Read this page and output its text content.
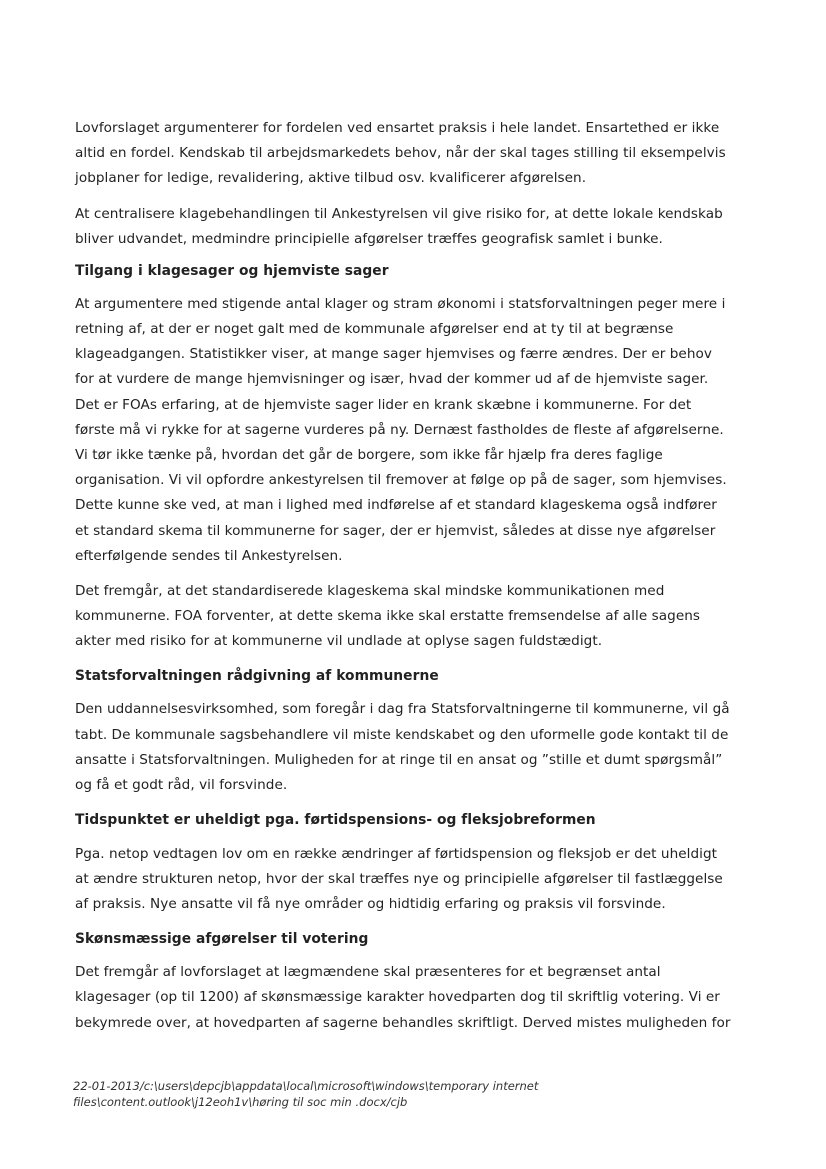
Lovforslaget argumenterer for fordelen ved ensartet praksis i hele landet. Ensartethed er ikke
altid en fordel. Kendskab til arbejdsmarkedets behov, når der skal tages stilling til eksempelvis
jobplaner for ledige, revalidering, aktive tilbud osv. kvalificerer afgørelsen.
At centralisere klagebehandlingen til Ankestyrelsen vil give risiko for, at dette lokale kendskab
bliver udvandet, medmindre principielle afgørelser træffes geografisk samlet i bunke.
Tilgang i klagesager og hjemviste sager
At argumentere med stigende antal klager og stram økonomi i statsforvaltningen peger mere i
retning af, at der er noget galt med de kommunale afgørelser end at ty til at begrænse
klageadgangen. Statistikker viser, at mange sager hjemvises og færre ændres. Der er behov
for at vurdere de mange hjemvisninger og især, hvad der kommer ud af de hjemviste sager.
Det er FOAs erfaring, at de hjemviste sager lider en krank skæbne i kommunerne. For det
første må vi rykke for at sagerne vurderes på ny. Dernæst fastholdes de fleste af afgørelserne.
Vi tør ikke tænke på, hvordan det går de borgere, som ikke får hjælp fra deres faglige
organisation. Vi vil opfordre ankestyrelsen til fremover at følge op på de sager, som hjemvises.
Dette kunne ske ved, at man i lighed med indførelse af et standard klageskema også indfører
et standard skema til kommunerne for sager, der er hjemvist, således at disse nye afgørelser
efterfølgende sendes til Ankestyrelsen.
Det fremgår, at det standardiserede klageskema skal mindske kommunikationen med
kommunerne. FOA forventer, at dette skema ikke skal erstatte fremsendelse af alle sagens
akter med risiko for at kommunerne vil undlade at oplyse sagen fuldstædigt.
Statsforvaltningen rådgivning af kommunerne
Den uddannelsesvirksomhed, som foregår i dag fra Statsforvaltningerne til kommunerne, vil gå
tabt. De kommunale sagsbehandlere vil miste kendskabet og den uformelle gode kontakt til de
ansatte i Statsforvaltningen. Muligheden for at ringe til en ansat og ”stille et dumt spørgsmål”
og få et godt råd, vil forsvinde.
Tidspunktet er uheldigt pga. førtidspensions- og fleksjobreformen
Pga. netop vedtagen lov om en række ændringer af førtidspension og fleksjob er det uheldigt
at ændre strukturen netop, hvor der skal træffes nye og principielle afgørelser til fastlæggelse
af praksis. Nye ansatte vil få nye områder og hidtidig erfaring og praksis vil forsvinde.
Skønsmæssige afgørelser til votering
Det fremgår af lovforslaget at lægmændene skal præsenteres for et begrænset antal
klagesager (op til 1200) af skønsmæssige karakter hovedparten dog til skriftlig votering. Vi er
bekymrede over, at hovedparten af sagerne behandles skriftligt. Derved mistes muligheden for
22-01-2013/c:\users\depcjb\appdata\local\microsoft\windows\temporary internet
files\content.outlook\j12eoh1v\høring til soc min .docx/cjb
